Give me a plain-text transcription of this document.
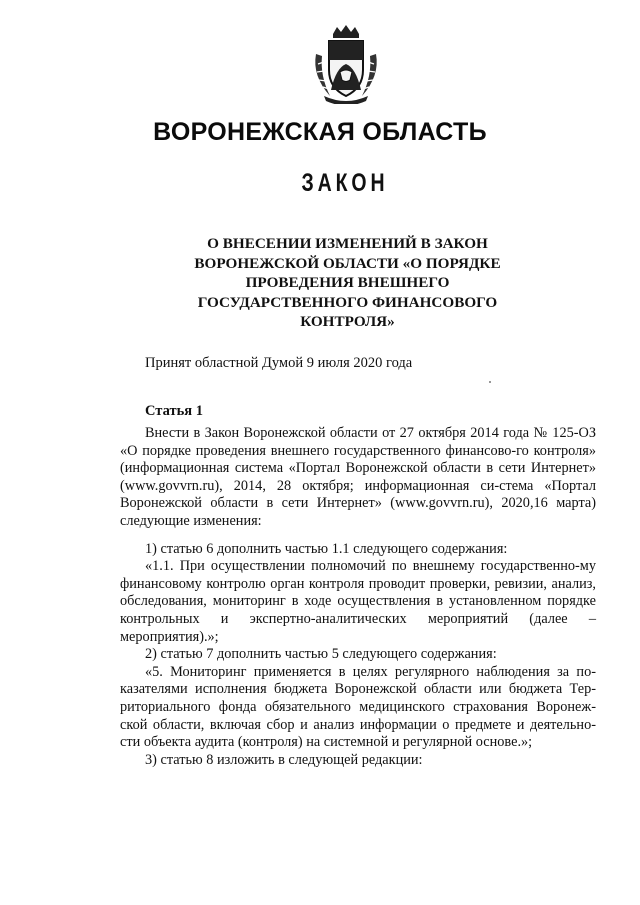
ВОРОНЕЖСКАЯ ОБЛАСТЬ
ЗАКОН
О ВНЕСЕНИИ ИЗМЕНЕНИЙ В ЗАКОН
ВОРОНЕЖСКОЙ ОБЛАСТИ «О ПОРЯДКЕ
ПРОВЕДЕНИЯ ВНЕШНЕГО
ГОСУДАРСТВЕННОГО ФИНАНСОВОГО
КОНТРОЛЯ»
Принят областной Думой 9 июля 2020 года
Статья 1

Внести в Закон Воронежской области от 27 октября 2014 года № 125-ОЗ «О порядке проведения внешнего государственного финансово-го контроля» (информационная система «Портал Воронежской области в сети Интернет» (www.govvrn.ru), 2014, 28 октября; информационная си-стема «Портал Воронежской области в сети Интернет» (www.govvrn.ru), 2020,16 марта) следующие изменения:

1) статью 6 дополнить частью 1.1 следующего содержания:

«1.1. При осуществлении полномочий по внешнему государственно-му финансовому контролю орган контроля проводит проверки, ревизии, анализ, обследования, мониторинг в ходе осуществления в установленном порядке контрольных и экспертно-аналитических мероприятий (далее – мероприятия).»;

2) статью 7 дополнить частью 5 следующего содержания:

«5. Мониторинг применяется в целях регулярного наблюдения за по-казателями исполнения бюджета Воронежской области или бюджета Тер-риториального фонда обязательного медицинского страхования Воронеж-ской области, включая сбор и анализ информации о предмете и деятельно-сти объекта аудита (контроля) на системной и регулярной основе.»;

3) статью 8 изложить в следующей редакции:
